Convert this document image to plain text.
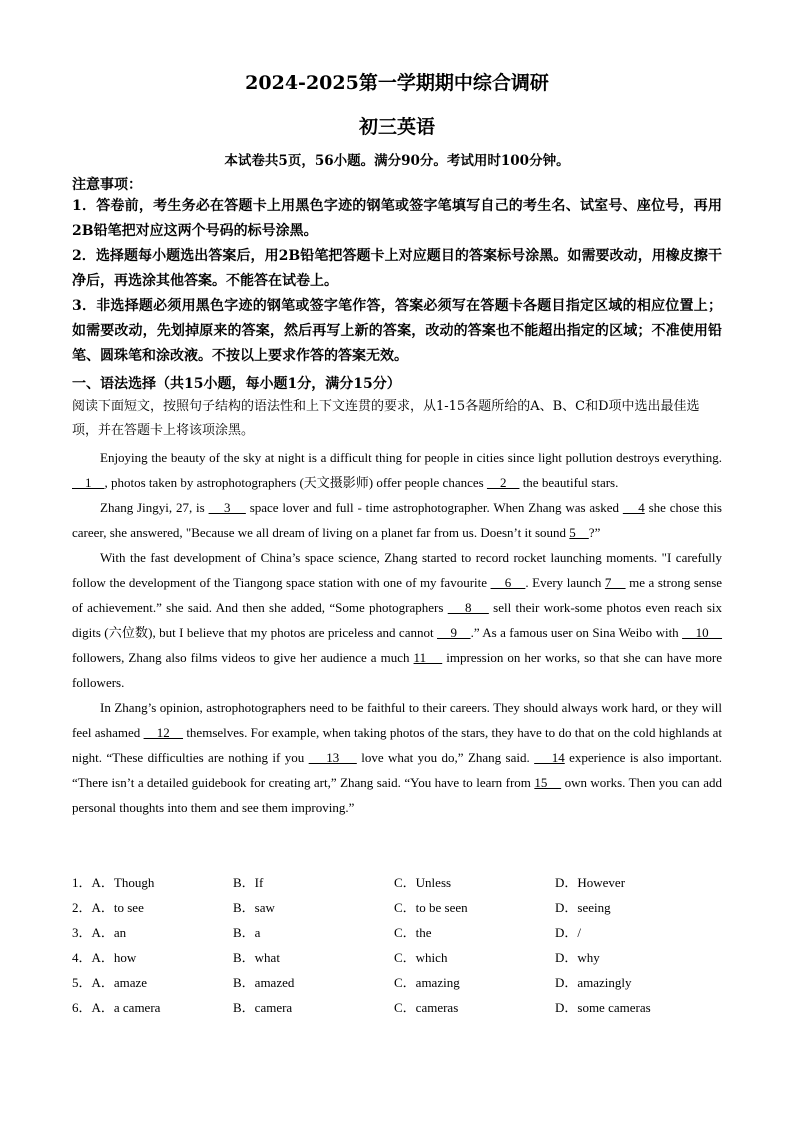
2024-2025第一学期期中综合调研
初三英语
本试卷共5页，56小题。满分90分。考试用时100分钟。
注意事项：

1．答卷前，考生务必在答题卡上用黑色字迹的钢笔或签字笔填写自己的考生名、试室号、座位号，再用2B铅笔把对应这两个号码的标号涂黑。

2．选择题每小题选出答案后，用2B铅笔把答题卡上对应题目的答案标号涂黑。如需要改动，用橡皮擦干净后，再选涂其他答案。不能答在试卷上。

3．非选择题必须用黑色字迹的钢笔或签字笔作答，答案必须写在答题卡各题目指定区域的相应位置上；如需要改动，先划掉原来的答案，然后再写上新的答案，改动的答案也不能超出指定的区域；不准使用铅笔、圆珠笔和涂改液。不按以上要求作答的答案无效。

一、语法选择（共15小题，每小题1分，满分15分）
阅读下面短文，按照句子结构的语法性和上下文连贯的要求，从1-15各题所给的A、B、C和D项中选出最佳选项，并在答题卡上将该项涂黑。

Enjoying the beauty of the sky at night is a difficult thing for people in cities since light pollution destroys everything.     1    , photos taken by astrophotographers (天文摄影师) offer people chances     2     the beautiful stars.

Zhang Jingyi, 27, is     3     space lover and full - time astrophotographer. When Zhang was asked     4 she chose this career, she answered, "Because we all dream of living on a planet far from us. Doesn’t it sound 5    ?”

With the fast development of China’s space science, Zhang started to record rocket launching moments. "I carefully follow the development of the Tiangong space station with one of my favourite     6    . Every launch 7     me a strong sense of achievement.” she said. And then she added, “Some photographers     8     sell their work-some photos even reach six digits (六位数), but I believe that my photos are priceless and cannot     9    .” As a famous user on Sina Weibo with     10     followers, Zhang also films videos to give her audience a much 11     impression on her works, so that she can have more followers.

In Zhang’s opinion, astrophotographers need to be faithful to their careers. They should always work hard, or they will feel ashamed     12     themselves. For example, when taking photos of the stars, they have to do that on the cold highlands at night. “These difficulties are nothing if you     13     love what you do,” Zhang said.     14 experience is also important. “There isn’t a detailed guidebook for creating art,” Zhang said. “You have to learn from 15     own works. Then you can add personal thoughts into them and see them improving.”

1．A．Though	B．If	C．Unless	D．However
2．A．to see	B．saw	C．to be seen	D．seeing
3．A．an	B．a	C．the	D．/
4．A．how	B．what	C．which	D．why
5．A．amaze	B．amazed	C．amazing	D．amazingly
6．A．a camera	B．camera	C．cameras	D．some cameras
